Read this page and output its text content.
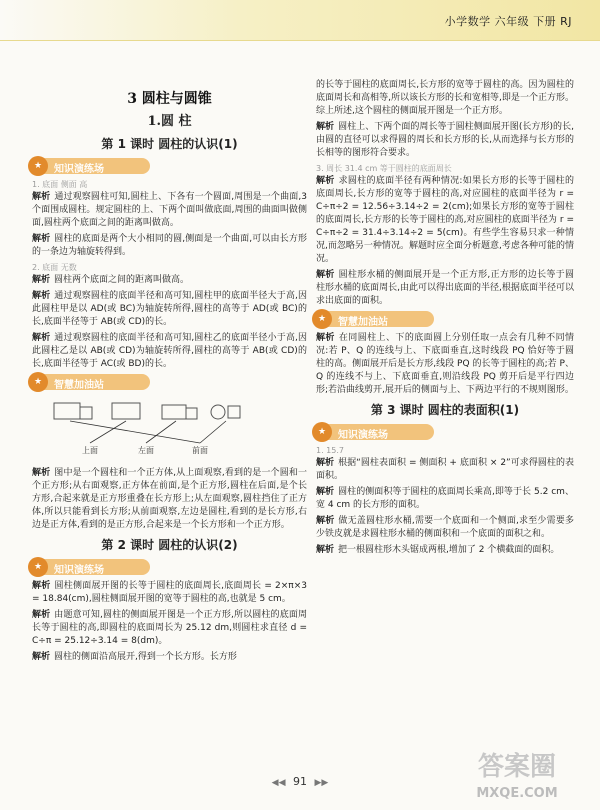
小学数学 六年级 下册 RJ
3 圆柱与圆锥
1.圆 柱
第 1 课时 圆柱的认识(1)
★	知识演练场
1. 底面 侧面 高

解析 通过观察圆柱可知,圆柱上、下各有一个圆面,周围是一个曲面,3 个面围成圆柱。规定圆柱的上、下两个面叫做底面,周围的曲面叫做侧面,圆柱两个底面之间的距离叫做高。

解析 圆柱的底面是两个大小相同的圆,侧面是一个曲面,可以由长方形的一条边为轴旋转得到。

2. 底面 无数

解析 圆柱两个底面之间的距离叫做高。

解析 通过观察圆柱的底面半径和高可知,圆柱甲的底面半径大于高,因此圆柱甲是以 AD(或 BC)为轴旋转所得,圆柱的高等于 AD(或 BC)的长,底面半径等于 AB(或 CD)的长。

解析 通过观察圆柱的底面半径和高可知,圆柱乙的底面半径小于高,因此圆柱乙是以 AB(或 CD)为轴旋转所得,圆柱的高等于 AB(或 CD)的长,底面半径等于 AC(或 BD)的长。

★	智慧加油站
上面	左面	前面

解析 图中是一个圆柱和一个正方体,从上面观察,看到的是一个圆和一个正方形;从右面观察,正方体在前面,是个正方形,圆柱在后面,是个长方形,合起来就是正方形重叠在长方形上;从左面观察,圆柱挡住了正方体,所以只能看到长方形;从前面观察,左边是圆柱,看到的是长方形,右边是正方体,看到的是正方形,合起来是一个长方形和一个正方形。

第 2 课时 圆柱的认识(2)
★	知识演练场

解析 圆柱侧面展开图的长等于圆柱的底面周长,底面周长 = 2×π×3 = 18.84(cm),圆柱侧面展开图的宽等于圆柱的高,也就是 5 cm。

解析 由题意可知,圆柱的侧面展开图是一个正方形,所以圆柱的底面周长等于圆柱的高,即圆柱的底面周长为 25.12 dm,则圆柱求直径 d = C÷π = 25.12÷3.14 = 8(dm)。

解析 圆柱的侧面沿高展开,得到一个长方形。长方形

的长等于圆柱的底面周长,长方形的宽等于圆柱的高。因为圆柱的底面周长和高相等,所以该长方形的长和宽相等,即是一个正方形。综上所述,这个圆柱的侧面展开图是一个正方形。

解析 圆柱上、下两个面的周长等于圆柱侧面展开图(长方形)的长,由圆的直径可以求得圆的周长和长方形的长,从而选择与长方形的长相等的图形符合要求。

3. 周长 31.4 cm 等于圆柱的底面周长

解析 求圆柱的底面半径有两种情况:如果长方形的长等于圆柱的底面周长,长方形的宽等于圆柱的高,对应圆柱的底面半径为 r = C÷π÷2 = 12.56÷3.14÷2 = 2(cm);如果长方形的宽等于圆柱的底面周长,长方形的长等于圆柱的高,对应圆柱的底面半径为 r = C÷π÷2 = 31.4÷3.14÷2 = 5(cm)。有些学生容易只求一种情况,而忽略另一种情况。解题时应全面分析题意,考虑各种可能的情况。

解析 圆柱形水桶的侧面展开是一个正方形,正方形的边长等于圆柱形水桶的底面周长,由此可以得出底面的半径,根据底面半径可以求出底面的面积。

★	智慧加油站

解析 在同圆柱上、下的底面圆上分别任取一点会有几种不同情况:若 P、Q 的连线与上、下底面垂直,这时线段 PQ 恰好等于圆柱的高。侧面展开后是长方形,线段 PQ 的长等于圆柱的高;若 P、Q 的连线不与上、下底面垂直,则沿线段 PQ 剪开后是平行四边形;若沿曲线剪开,展开后的侧面与上、下两边平行的不规则图形。

第 3 课时 圆柱的表面积(1)
★	知识演练场
1. 15.7

解析 根据“圆柱表面积 = 侧面积 + 底面积 × 2”可求得圆柱的表面积。

解析 圆柱的侧面积等于圆柱的底面周长乘高,即等于长 5.2 cm、宽 4 cm 的长方形的面积。

解析 做无盖圆柱形水桶,需要一个底面和一个侧面,求至少需要多少铁皮就是求圆柱形水桶的侧面积和一个底面的面积之和。

解析 把一根圆柱形木头锯成两根,增加了 2 个横截面的面积。

◀◀ 91 ▶▶
答案圈
MXQE.COM
